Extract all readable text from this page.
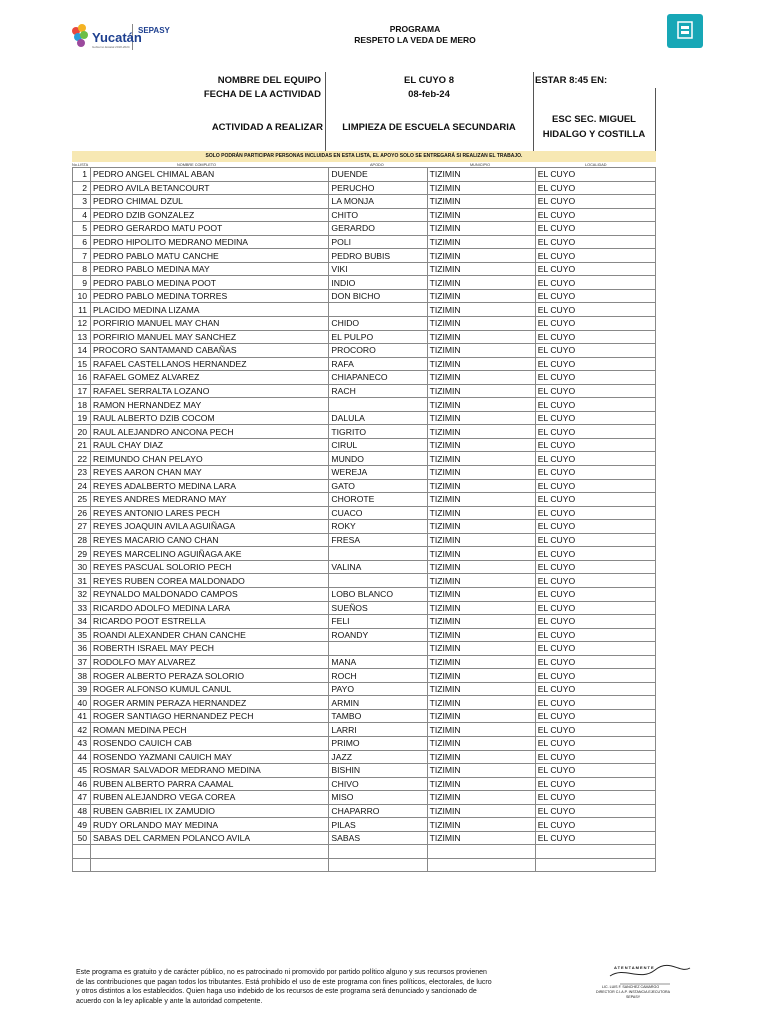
Yucatán
Gobierno Estatal 2018-2024
SEPASY	PROGRAMA
RESPETO LA VEDA DE MERO
NOMBRE DEL EQUIPO
FECHA DE LA ACTIVIDAD
EL CUYO 8
08-feb-24
ESTAR 8:45 EN:
ACTIVIDAD A REALIZAR	LIMPIEZA DE ESCUELA SECUNDARIA
ESC SEC. MIGUEL
HIDALGO Y COSTILLA
SOLO PODRÁN PARTICIPAR PERSONAS INCLUIDAS EN ESTA LISTA, EL APOYO SOLO SE ENTREGARÁ SI REALIZAN EL TRABAJO.
No.LISTA	NOMBRE COMPLETO	APODO	MUNICIPIO	LOCALIDAD
1	PEDRO ANGEL CHIMAL ABAN	DUENDE	TIZIMIN	EL CUYO
2	PEDRO AVILA BETANCOURT	PERUCHO	TIZIMIN	EL CUYO
3	PEDRO CHIMAL DZUL	LA MONJA	TIZIMIN	EL CUYO
4	PEDRO DZIB GONZALEZ	CHITO	TIZIMIN	EL CUYO
5	PEDRO GERARDO MATU POOT	GERARDO	TIZIMIN	EL CUYO
6	PEDRO HIPOLITO MEDRANO MEDINA	POLI	TIZIMIN	EL CUYO
7	PEDRO PABLO MATU CANCHE	PEDRO BUBIS	TIZIMIN	EL CUYO
8	PEDRO PABLO MEDINA MAY	VIKI	TIZIMIN	EL CUYO
9	PEDRO PABLO MEDINA POOT	INDIO	TIZIMIN	EL CUYO
10	PEDRO PABLO MEDINA TORRES	DON BICHO	TIZIMIN	EL CUYO
11	PLACIDO MEDINA LIZAMA		TIZIMIN	EL CUYO
12	PORFIRIO MANUEL MAY CHAN	CHIDO	TIZIMIN	EL CUYO
13	PORFIRIO MANUEL MAY SANCHEZ	EL PULPO	TIZIMIN	EL CUYO
14	PROCORO SANTAMAND CABAÑAS	PROCORO	TIZIMIN	EL CUYO
15	RAFAEL CASTELLANOS HERNANDEZ	RAFA	TIZIMIN	EL CUYO
16	RAFAEL GOMEZ ALVAREZ	CHIAPANECO	TIZIMIN	EL CUYO
17	RAFAEL SERRALTA LOZANO	RACH	TIZIMIN	EL CUYO
18	RAMON HERNANDEZ MAY		TIZIMIN	EL CUYO
19	RAUL ALBERTO DZIB COCOM	DALULA	TIZIMIN	EL CUYO
20	RAUL ALEJANDRO ANCONA PECH	TIGRITO	TIZIMIN	EL CUYO
21	RAUL CHAY DIAZ	CIRUL	TIZIMIN	EL CUYO
22	REIMUNDO CHAN PELAYO	MUNDO	TIZIMIN	EL CUYO
23	REYES AARON CHAN MAY	WEREJA	TIZIMIN	EL CUYO
24	REYES ADALBERTO MEDINA LARA	GATO	TIZIMIN	EL CUYO
25	REYES ANDRES MEDRANO MAY	CHOROTE	TIZIMIN	EL CUYO
26	REYES ANTONIO LARES PECH	CUACO	TIZIMIN	EL CUYO
27	REYES JOAQUIN AVILA AGUIÑAGA	ROKY	TIZIMIN	EL CUYO
28	REYES MACARIO CANO CHAN	FRESA	TIZIMIN	EL CUYO
29	REYES MARCELINO AGUIÑAGA AKE		TIZIMIN	EL CUYO
30	REYES PASCUAL SOLORIO PECH	VALINA	TIZIMIN	EL CUYO
31	REYES RUBEN COREA MALDONADO		TIZIMIN	EL CUYO
32	REYNALDO MALDONADO CAMPOS	LOBO BLANCO	TIZIMIN	EL CUYO
33	RICARDO ADOLFO MEDINA LARA	SUEÑOS	TIZIMIN	EL CUYO
34	RICARDO POOT ESTRELLA	FELI	TIZIMIN	EL CUYO
35	ROANDI ALEXANDER CHAN CANCHE	ROANDY	TIZIMIN	EL CUYO
36	ROBERTH ISRAEL MAY PECH		TIZIMIN	EL CUYO
37	RODOLFO MAY ALVAREZ	MANA	TIZIMIN	EL CUYO
38	ROGER ALBERTO PERAZA SOLORIO	ROCH	TIZIMIN	EL CUYO
39	ROGER ALFONSO KUMUL CANUL	PAYO	TIZIMIN	EL CUYO
40	ROGER ARMIN PERAZA HERNANDEZ	ARMIN	TIZIMIN	EL CUYO
41	ROGER SANTIAGO HERNANDEZ PECH	TAMBO	TIZIMIN	EL CUYO
42	ROMAN MEDINA PECH	LARRI	TIZIMIN	EL CUYO
43	ROSENDO CAUICH CAB	PRIMO	TIZIMIN	EL CUYO
44	ROSENDO YAZMANI CAUICH MAY	JAZZ	TIZIMIN	EL CUYO
45	ROSMAR SALVADOR MEDRANO MEDINA	BISHIN	TIZIMIN	EL CUYO
46	RUBEN ALBERTO PARRA CAAMAL	CHIVO	TIZIMIN	EL CUYO
47	RUBEN ALEJANDRO VEGA COREA	MISO	TIZIMIN	EL CUYO
48	RUBEN GABRIEL IX ZAMUDIO	CHAPARRO	TIZIMIN	EL CUYO
49	RUDY ORLANDO MAY MEDINA	PILAS	TIZIMIN	EL CUYO
50	SABAS DEL CARMEN POLANCO AVILA	SABAS	TIZIMIN	EL CUYO

Este programa es gratuito y de carácter público, no es patrocinado ni promovido por partido político alguno y sus recursos provienen de las contribuciones que pagan todos los tributantes. Está prohibido el uso de este programa con fines políticos, electorales, de lucro y otros distintos a los establecidos. Quien haga uso indebido de los recursos de este programa será denunciado y sancionado de acuerdo con la ley aplicable y ante la autoridad competente.
ATENTAMENTE
LIC. LUIS F. SANCHEZ CAMARGO
DIRECTOR C.I.A.P. INSTANCIA EJECUTORA
SEPASY
